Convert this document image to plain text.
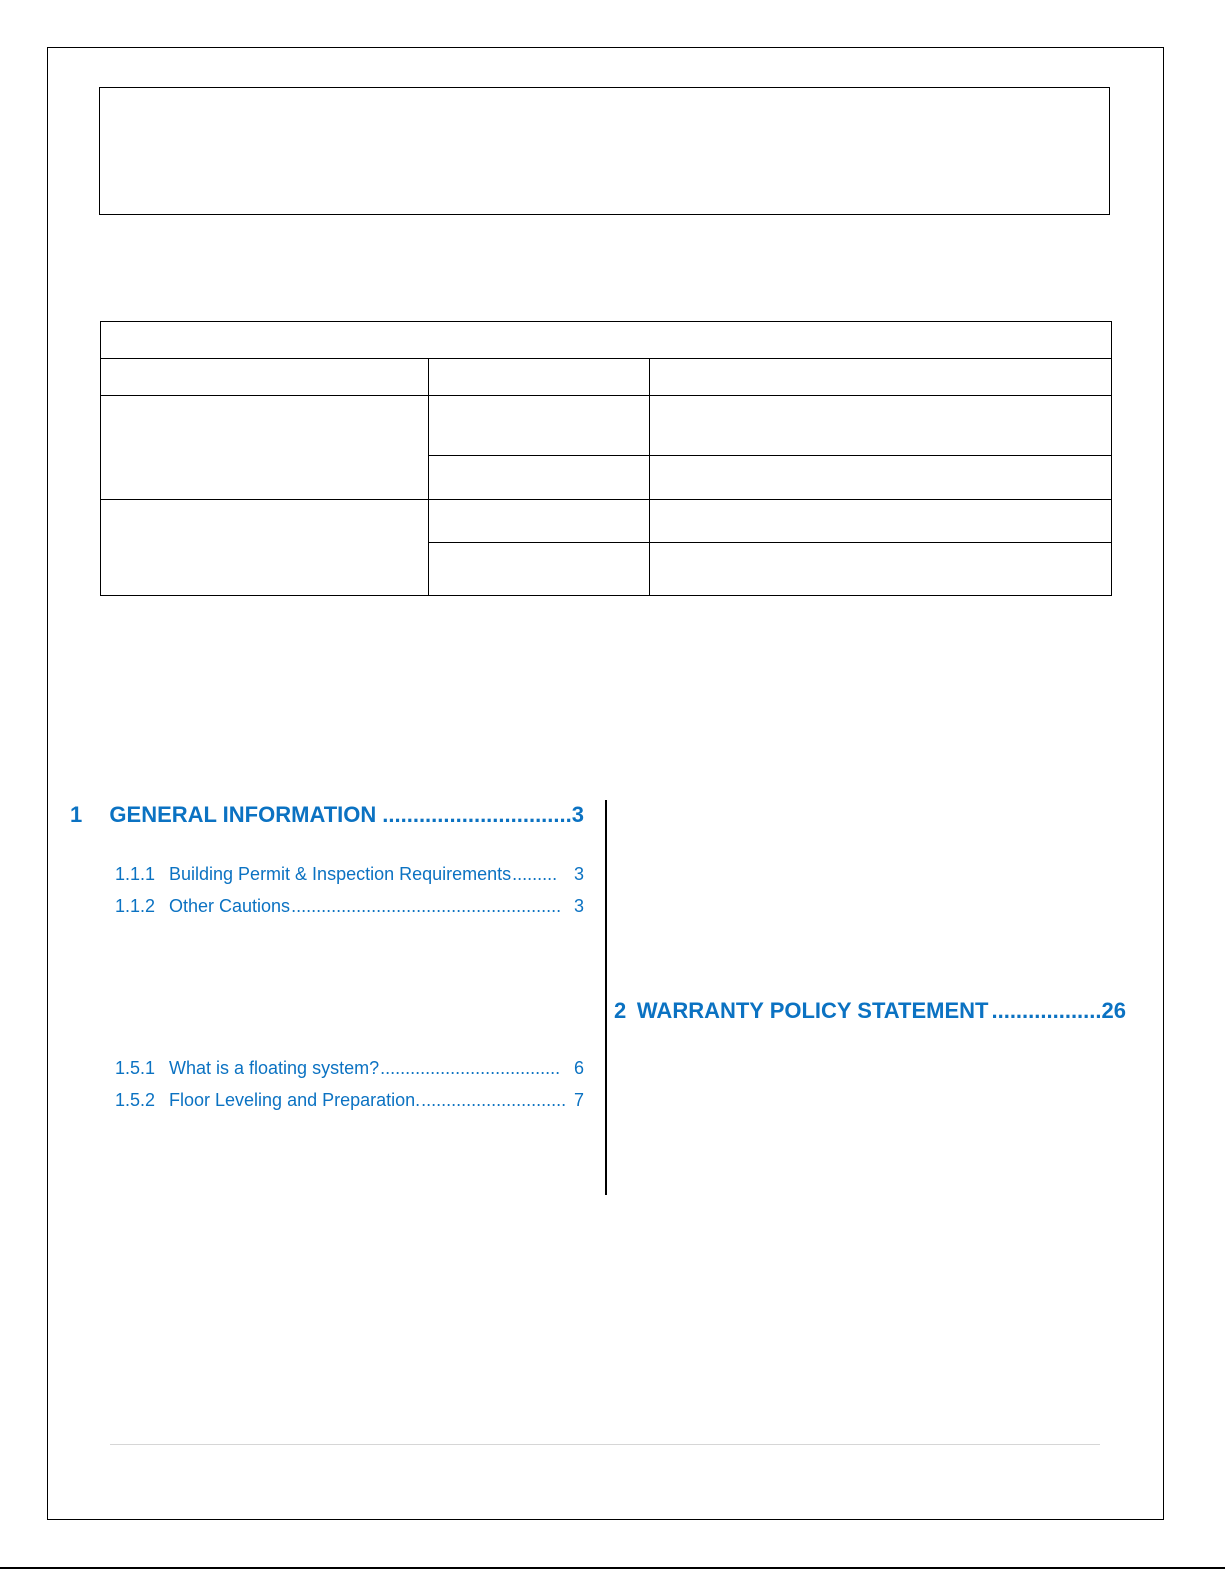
1	GENERAL INFORMATION ............................... 3
1.1.1 Building Permit & Inspection Requirements ......... 3
1.1.2 Other Cautions ...................................................... 3
1.5.1 What is a floating system? .................................... 6
1.5.2 Floor Leveling and Preparation. ............................. 7
2 WARRANTY POLICY STATEMENT .................. 26
